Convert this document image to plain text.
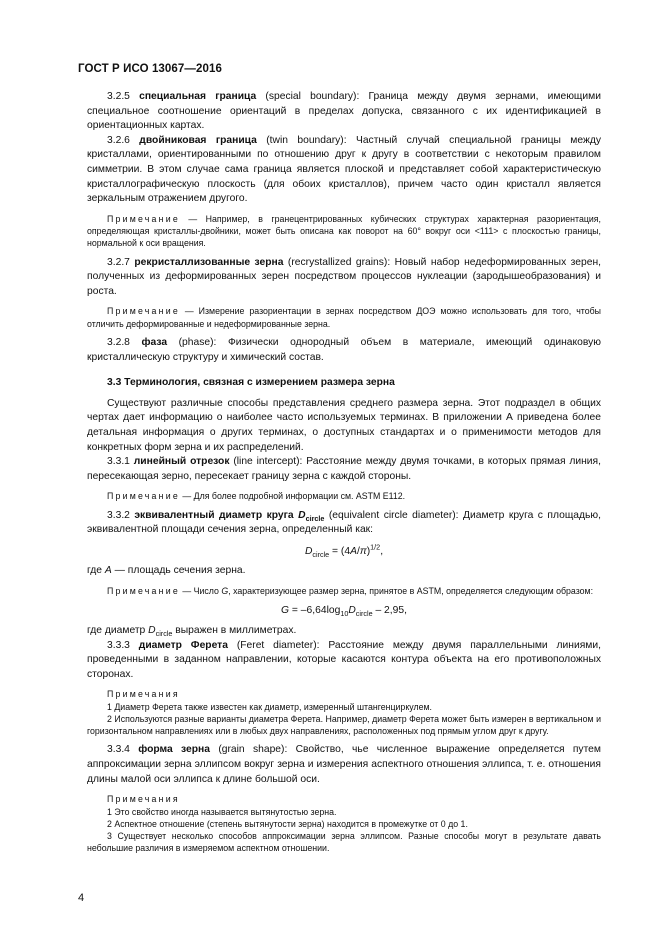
ГОСТ Р ИСО 13067—2016

3.2.5 специальная граница (special boundary): Граница между двумя зернами, имеющими специальное соотношение ориентаций в пределах допуска, связанного с их идентификацией в ориентационных картах.

3.2.6 двойниковая граница (twin boundary): Частный случай специальной границы между кристаллами, ориентированными по отношению друг к другу в соответствии с некоторым правилом симметрии. В этом случае сама граница является плоской и представляет собой характеристическую кристаллографическую плоскость (для обоих кристаллов), причем часто один кристалл является зеркальным отражением другого.

Примечание — Например, в гранецентрированных кубических структурах характерная разориентация, определяющая кристаллы-двойники, может быть описана как поворот на 60° вокруг оси <111> с плоскостью границы, нормальной к оси вращения.

3.2.7 рекристаллизованные зерна (recrystallized grains): Новый набор недеформированных зерен, полученных из деформированных зерен посредством процессов нуклеации (зародышеобразования) и роста.

Примечание — Измерение разориентации в зернах посредством ДОЭ можно использовать для того, чтобы отличить деформированные и недеформированные зерна.

3.2.8 фаза (phase): Физически однородный объем в материале, имеющий одинаковую кристаллическую структуру и химический состав.

3.3 Терминология, связная с измерением размера зерна

Существуют различные способы представления среднего размера зерна. Этот подраздел в общих чертах дает информацию о наиболее часто используемых терминах. В приложении А приведена более детальная информация о других терминах, о доступных стандартах и о применимости методов для конкретных форм зерна и их распределений.

3.3.1 линейный отрезок (line intercept): Расстояние между двумя точками, в которых прямая линия, пересекающая зерно, пересекает границу зерна с каждой стороны.

Примечание — Для более подробной информации см. ASTM E112.

3.3.2 эквивалентный диаметр круга $D_{circle}$ (equivalent circle diameter): Диаметр круга с площадью, эквивалентной площади сечения зерна, определенный как:

$D_{circle} = (4A/\pi)^{1/2}$,

где A — площадь сечения зерна.

Примечание — Число G, характеризующее размер зерна, принятое в ASTM, определяется следующим образом:

$G = -6,64\log_{10}D_{circle} - 2,95$,

где диаметр $D_{circle}$ выражен в миллиметрах.

3.3.3 диаметр Ферета (Feret diameter): Расстояние между двумя параллельными линиями, проведенными в заданном направлении, которые касаются контура объекта на его противоположных сторонах.

Примечания

1 Диаметр Ферета также известен как диаметр, измеренный штангенциркулем.

2 Используются разные варианты диаметра Ферета. Например, диаметр Ферета может быть измерен в вертикальном и горизонтальном направлениях или в любых двух направлениях, расположенных под прямым углом друг к другу.

3.3.4 форма зерна (grain shape): Свойство, чье численное выражение определяется путем аппроксимации зерна эллипсом вокруг зерна и измерения аспектного отношения эллипса, т. е. отношения длины малой оси эллипса к длине большой оси.

Примечания

1 Это свойство иногда называется вытянутостью зерна.

2 Аспектное отношение (степень вытянутости зерна) находится в промежутке от 0 до 1.

3 Существует несколько способов аппроксимации зерна эллипсом. Разные способы могут в результате давать небольшие различия в измеряемом аспектном отношении.

4
